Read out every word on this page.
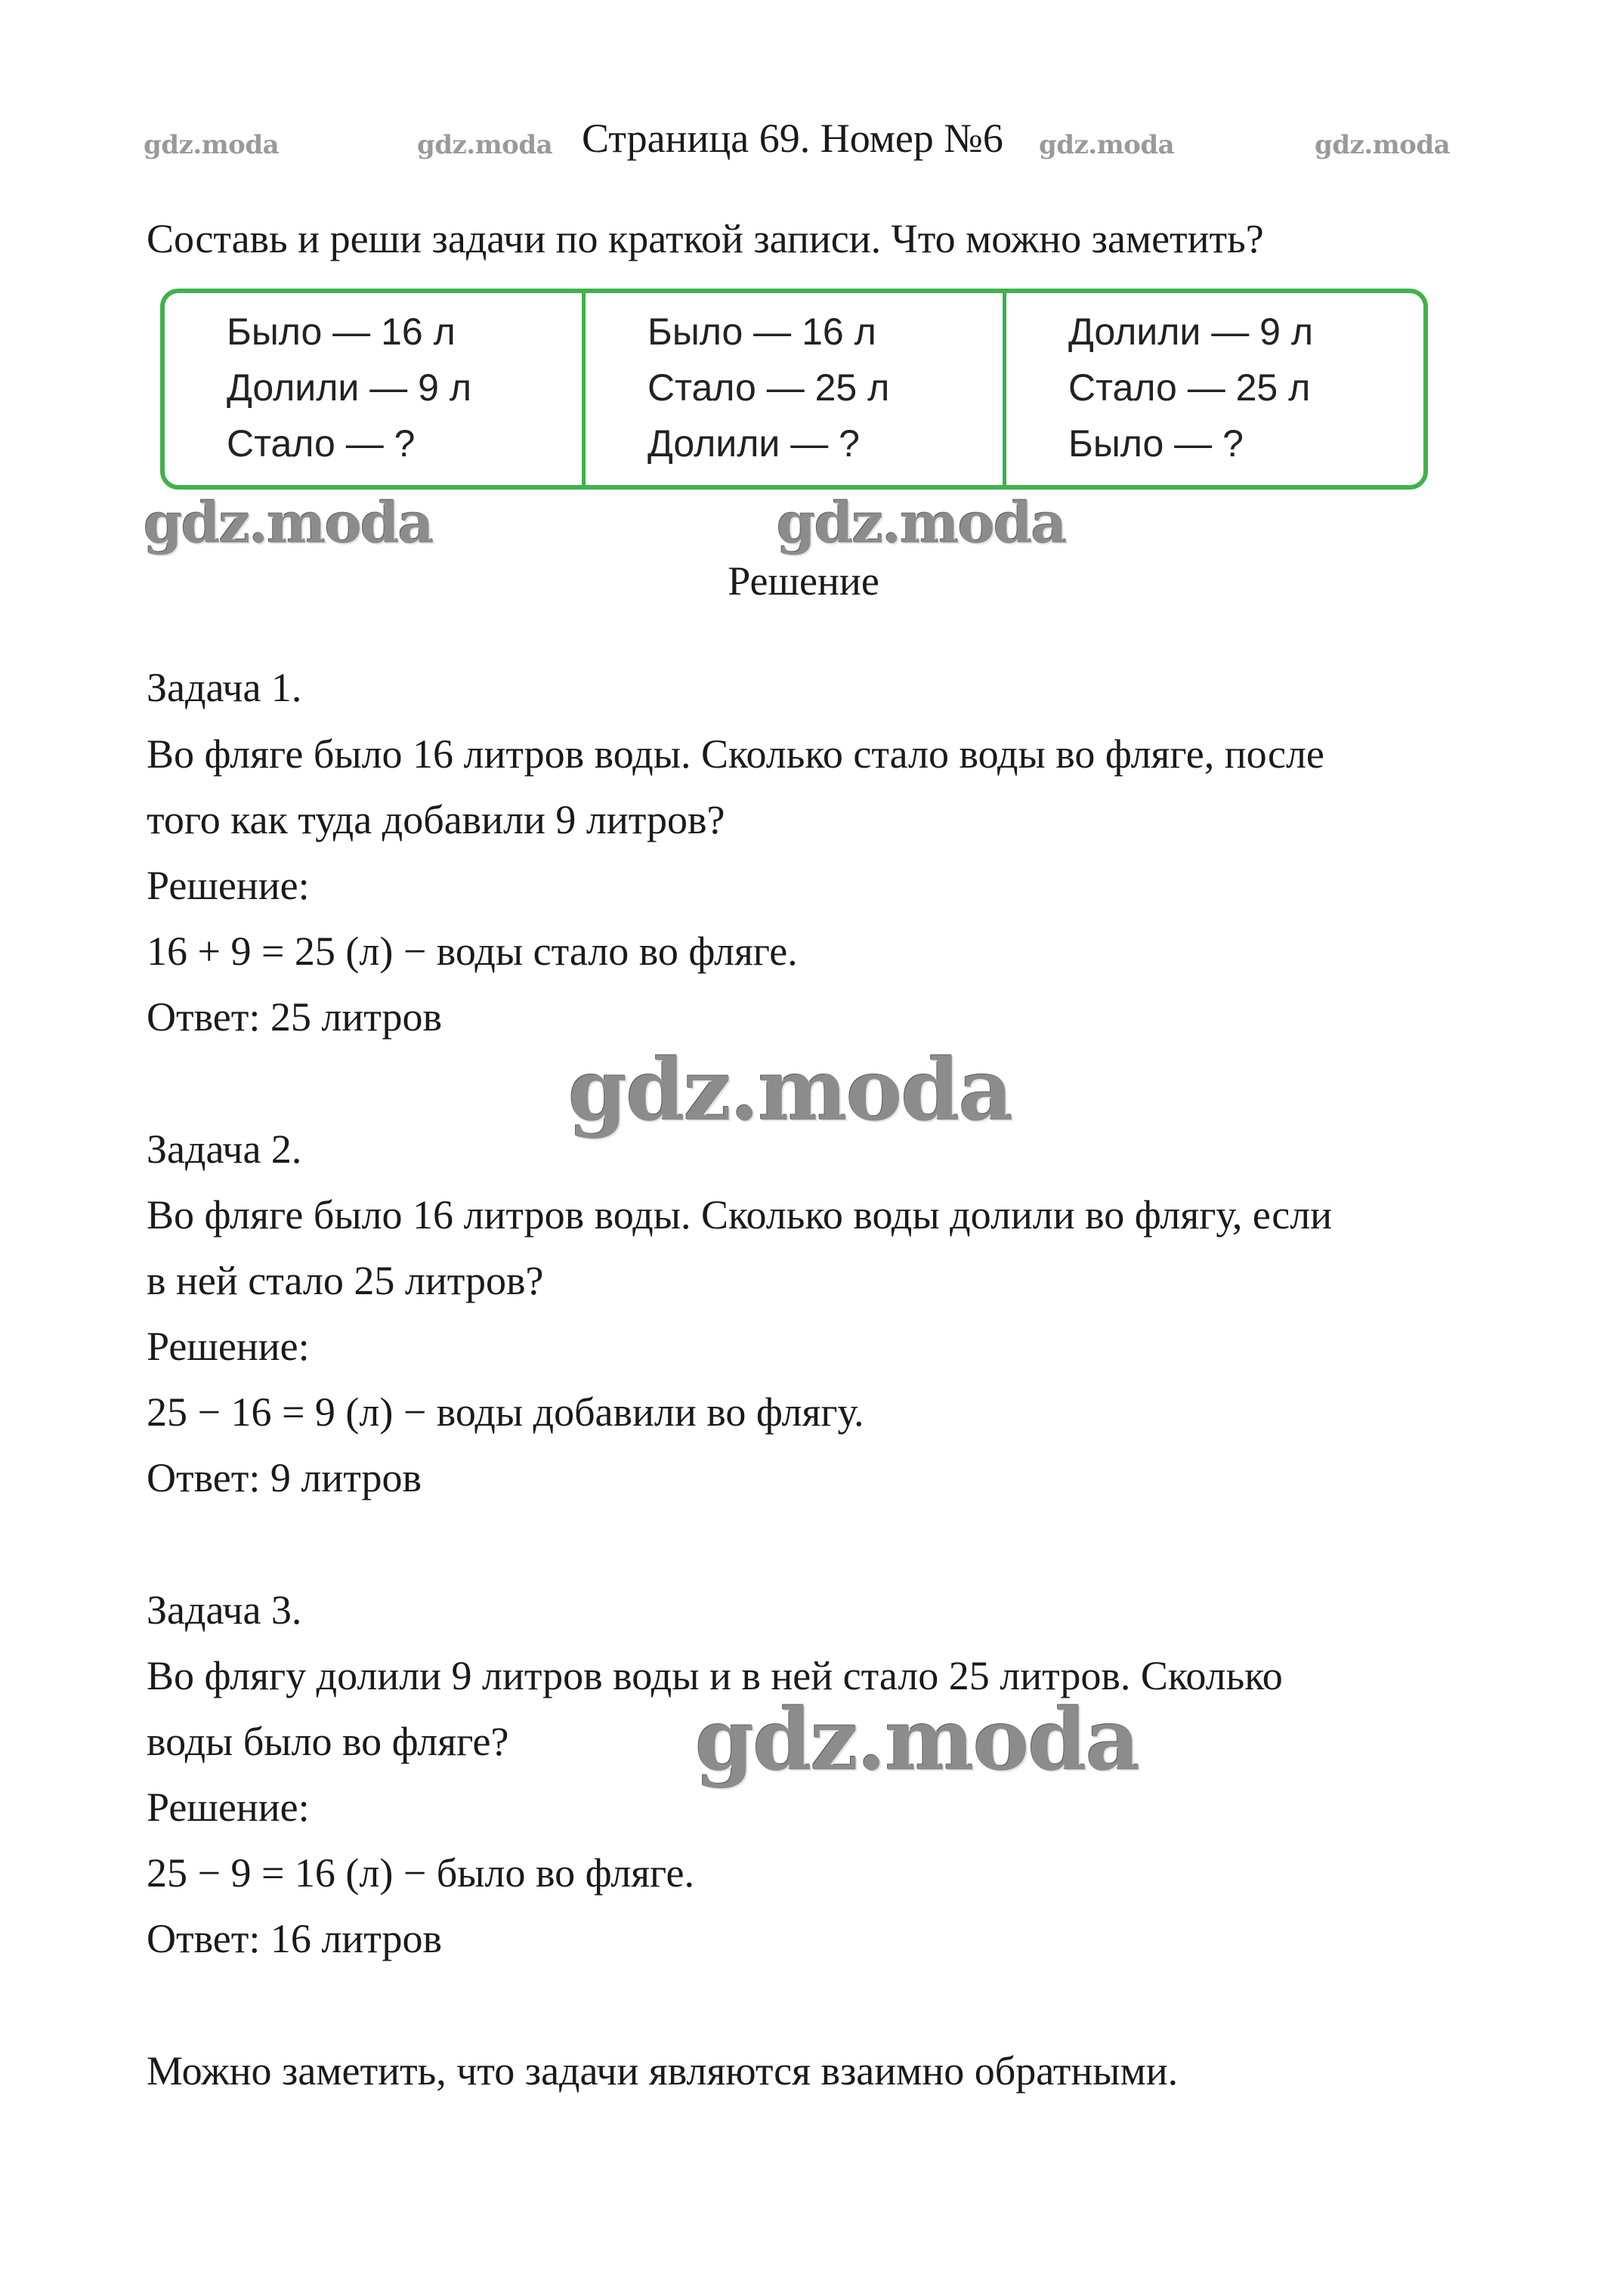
gdz.moda	gdz.moda	gdz.moda	gdz.moda
Страница 69. Номер №6
Составь и реши задачи по краткой записи. Что можно заметить?
Было — 16 л
Долили — 9 л
Стало — ?
Было — 16 л
Стало — 25 л
Долили — ?
Долили — 9 л
Стало — 25 л
Было — ?
gdz.moda	gdz.moda
Решение
Задача 1.
Во фляге было 16 литров воды. Сколько стало воды во фляге, после
того как туда добавили 9 литров?
Решение:
16 + 9 = 25 (л) − воды стало во фляге.
Ответ: 25 литров
gdz.moda
Задача 2.
Во фляге было 16 литров воды. Сколько воды долили во флягу, если
в ней стало 25 литров?
Решение:
25 − 16 = 9 (л) − воды добавили во флягу.
Ответ: 9 литров
Задача 3.
Во флягу долили 9 литров воды и в ней стало 25 литров. Сколько
воды было во фляге? gdz.moda
Решение:
25 − 9 = 16 (л) − было во фляге.
Ответ: 16 литров
Можно заметить, что задачи являются взаимно обратными.
